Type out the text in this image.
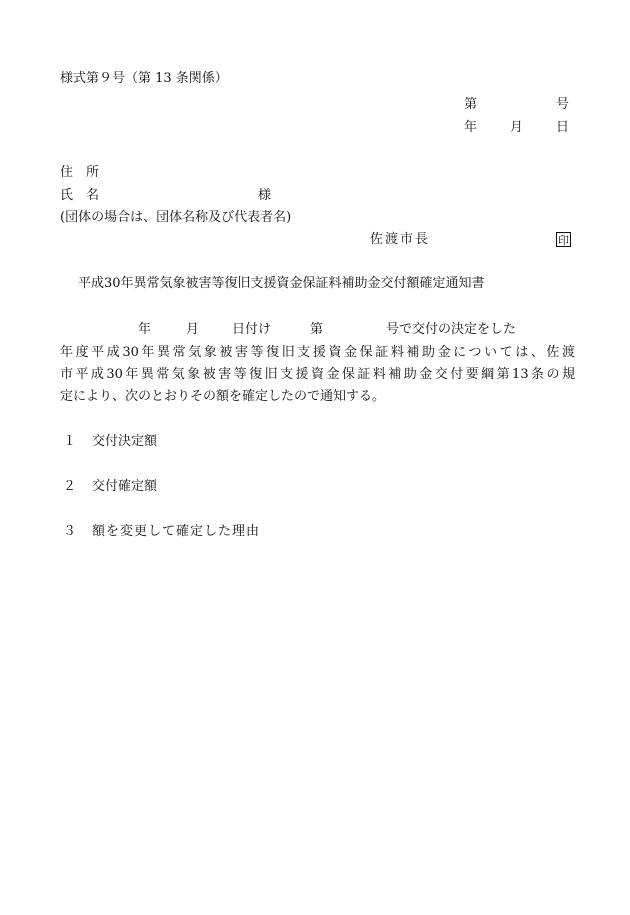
様式第９号（第 13 条関係）
第	号
年	月	日
住　所
氏　名	様
(団体の場合は、団体名称及び代表者名)
佐渡市長	印
平成30年異常気象被害等復旧支援資金保証料補助金交付額確定通知書
年	月	日付け	第	号で交付の決定をした
年度平成30年異常気象被害等復旧支援資金保証料補助金については、佐渡
市平成30年異常気象被害等復旧支援資金保証料補助金交付要綱第13条の規
定により、次のとおりその額を確定したので通知する。
１ 交付決定額
２ 交付確定額
３ 額を変更して確定した理由
